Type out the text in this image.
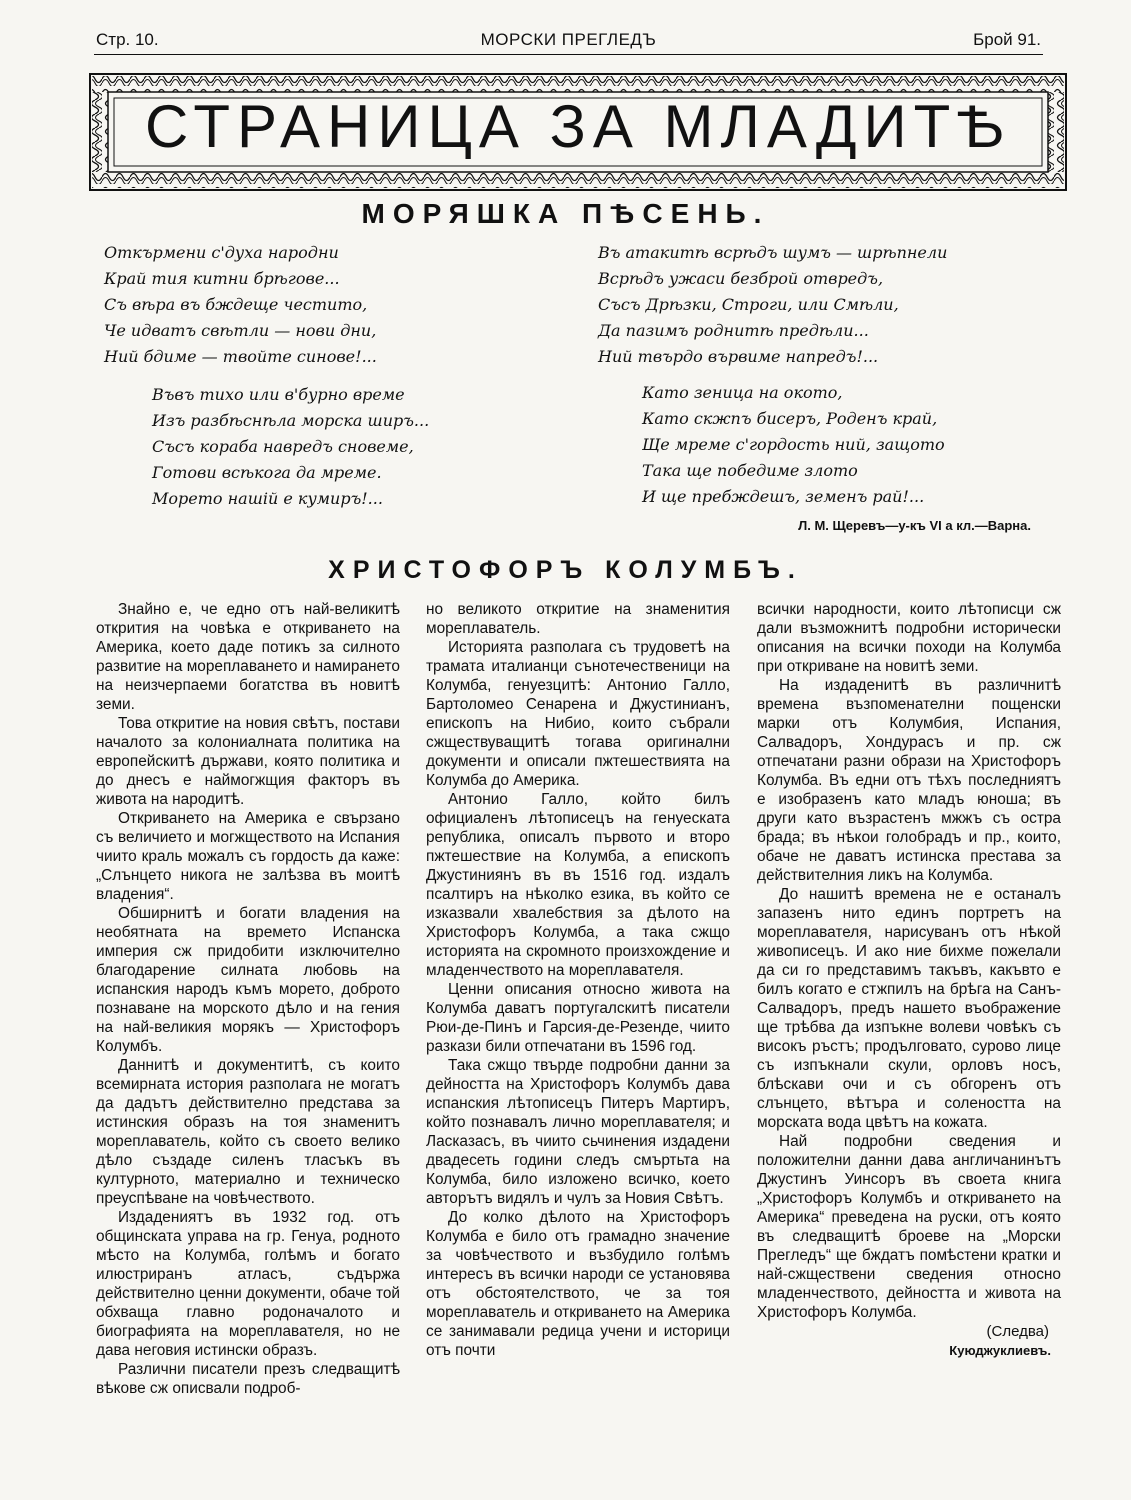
Стр. 10.	МОРСКИ ПРЕГЛЕДЪ	Брой 91.
СТРАНИЦА ЗА МЛАДИТѢ
МОРЯШКА ПѢСЕНЬ.
Откърмени с'духа народни
Край тия китни брѣгове...
Съ вѣра въ бждеще честито,
Че идватъ свѣтли — нови дни,
Ний бдиме — твойте синове!...
Въвъ тихо или в'бурно време
Изъ разбѣснѣла морска ширъ...
Съсъ кораба навредъ сновеме,
Готови всѣкога да мреме.
Морето нашій е кумиръ!...
Въ атакитѣ всрѣдъ шумъ — шрѣпнели
Всрѣдъ ужаси безброй отвредъ,
Съсъ Дрѣзки, Строги, или Смѣли,
Да пазимъ роднитѣ предѣли...
Ний твърдо вървиме напредъ!...
Като зеница на окото,
Като скжпъ бисеръ, Роденъ край,
Ще мреме с'гордость ний, защото
Така ще победиме злото
И ще пребждешъ, земенъ рай!...
Л. М. Щеревъ—у-къ VI а кл.—Варна.
ХРИСТОФОРЪ КОЛУМБЪ.

Знайно е, че едно отъ най-великитѣ открития на човѣка е откриването на Америка, което даде потикъ за силното развитие на мореплаването и намирането на неизчерпаеми богатства въ новитѣ земи.

Това откритие на новия свѣтъ, постави началото за колониалната политика на европейскитѣ държави, която политика и до днесъ е наймогжщия факторъ въ живота на народитѣ.

Откриването на Америка е свързано съ величието и могжществото на Испания чиито краль можалъ съ гордость да каже: „Слънцето никога не залѣзва въ моитѣ владения“.

Обширнитѣ и богати владения на необятната на времето Испанска империя сж придобити изключително благодарение силната любовь на испанския народъ къмъ морето, доброто познаване на морското дѣло и на гения на най-великия морякъ — Христофоръ Колумбъ.

Даннитѣ и документитѣ, съ които всемирната история разполага не могатъ да дадътъ действително представа за истинския образъ на тоя знаменитъ мореплаватель, който съ своето велико дѣло създаде силенъ тласъкъ въ културното, материално и техническо преуспѣване на човѣчеството.

Издадениятъ въ 1932 год. отъ общинската управа на гр. Генуа, родното мѣсто на Колумба, голѣмъ и богато илюстриранъ атласъ, съдържа действително ценни документи, обаче той обхваща главно родоначалото и биографията на мореплавателя, но не дава неговия истински образъ.

Различни писатели презъ следващитѣ вѣкове сж описвали подроб-

но великото откритие на знаменития мореплаватель.

Историята разполага съ трудоветѣ на трамата италианци сънотечественици на Колумба, генуезцитѣ: Антонио Галло, Бартоломео Сенарена и Джустинианъ, епископъ на Нибио, които събрали сжществуващитѣ тогава оригинални документи и описали пжтешествията на Колумба до Америка.

Антонио Галло, който билъ официаленъ лѣтописецъ на генуеската република, описалъ първото и второ пжтешествие на Колумба, а епископъ Джустиниянъ въ въ 1516 год. издалъ псалтиръ на нѣколко езика, въ който се изказвали хвалебствия за дѣлото на Христофоръ Колумба, а така сжщо историята на скромното произхождение и младенчеството на мореплавателя.

Ценни описания относно живота на Колумба даватъ португалскитѣ писатели Рюи-де-Пинъ и Гарсия-де-Резенде, чиито разкази били отпечатани въ 1596 год.

Така сжщо твърде подробни данни за дейността на Христофоръ Колумбъ дава испанския лѣтописецъ Питеръ Мартиръ, който познавалъ лично мореплавателя; и Ласказасъ, въ чиито сьчинения издадени двадесеть години следъ смъртьта на Колумба, било изложено всичко, което авторътъ видялъ и чулъ за Новия Свѣтъ.

До колко дѣлото на Христофоръ Колумба е било отъ грамадно значение за човѣчеството и възбудило голѣмъ интересъ въ всички народи се установява отъ обстоятелството, че за тоя мореплаватель и откриването на Америка се занимавали редица учени и историци отъ почти

всички народности, които лѣтописци сж дали възможнитѣ подробни исторически описания на всички походи на Колумба при откриване на новитѣ земи.

На издаденитѣ въ различнитѣ времена възпоменателни пощенски марки отъ Колумбия, Испания, Салвадоръ, Хондурасъ и пр. сж отпечатани разни образи на Христофоръ Колумба. Въ едни отъ тѣхъ последниятъ е изобразенъ като младъ юноша; въ други като възрастенъ мжжъ съ остра брада; въ нѣкои голобрадъ и пр., които, обаче не даватъ истинска престава за действителния ликъ на Колумба.

До нашитѣ времена не е останалъ запазенъ нито единъ портретъ на мореплавателя, нарисуванъ отъ нѣкой живописецъ. И ако ние бихме пожелали да си го представимъ такъвъ, какъвто е билъ когато е стжпилъ на брѣга на Санъ-Салвадоръ, предъ нашето въображение ще трѣбва да изпъкне волеви човѣкъ съ високъ ръстъ; продълговато, сурово лице съ изпъкнали скули, орловъ носъ, блѣскави очи и съ обгоренъ отъ слънцето, вѣтъра и солеността на морската вода цвѣтъ на кожата.

Най подробни сведения и положителни данни дава англичанинътъ Джустинъ Уинсоръ въ своета книга „Христофоръ Колумбъ и откриването на Америка“ преведена на руски, отъ която въ следващитѣ броеве на „Морски Прегледъ“ ще бждатъ помѣстени кратки и най-сжществени сведения относно младенчеството, дейността и живота на Христофоръ Колумба.

(Следва)
Куюджуклиевъ.
